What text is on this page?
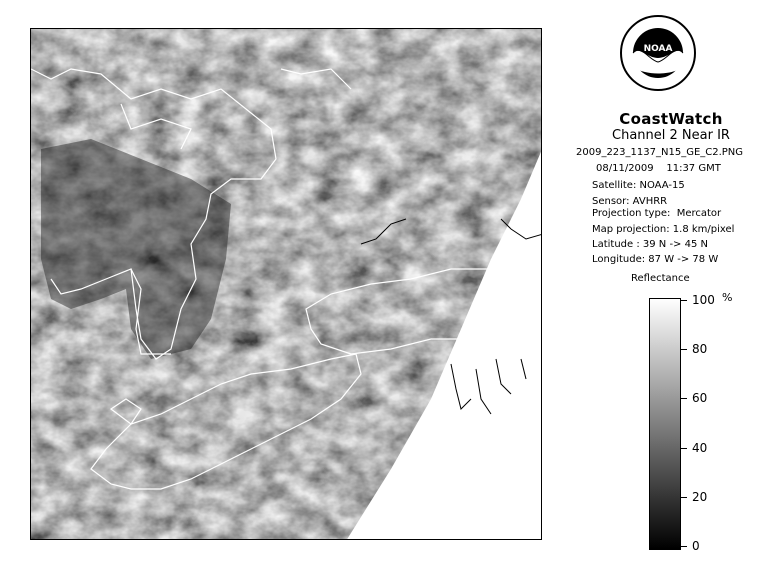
NOAA
CoastWatch
Channel 2 Near IR
2009_223_1137_N15_GE_C2.PNG
08/11/2009    11:37 GMT
Satellite: NOAA-15
Sensor: AVHRR
Projection type:  Mercator
Map projection: 1.8 km/pixel
Latitude : 39 N -> 45 N
Longitude: 87 W -> 78 W
Reflectance
%
100
80
60
40
20
0
